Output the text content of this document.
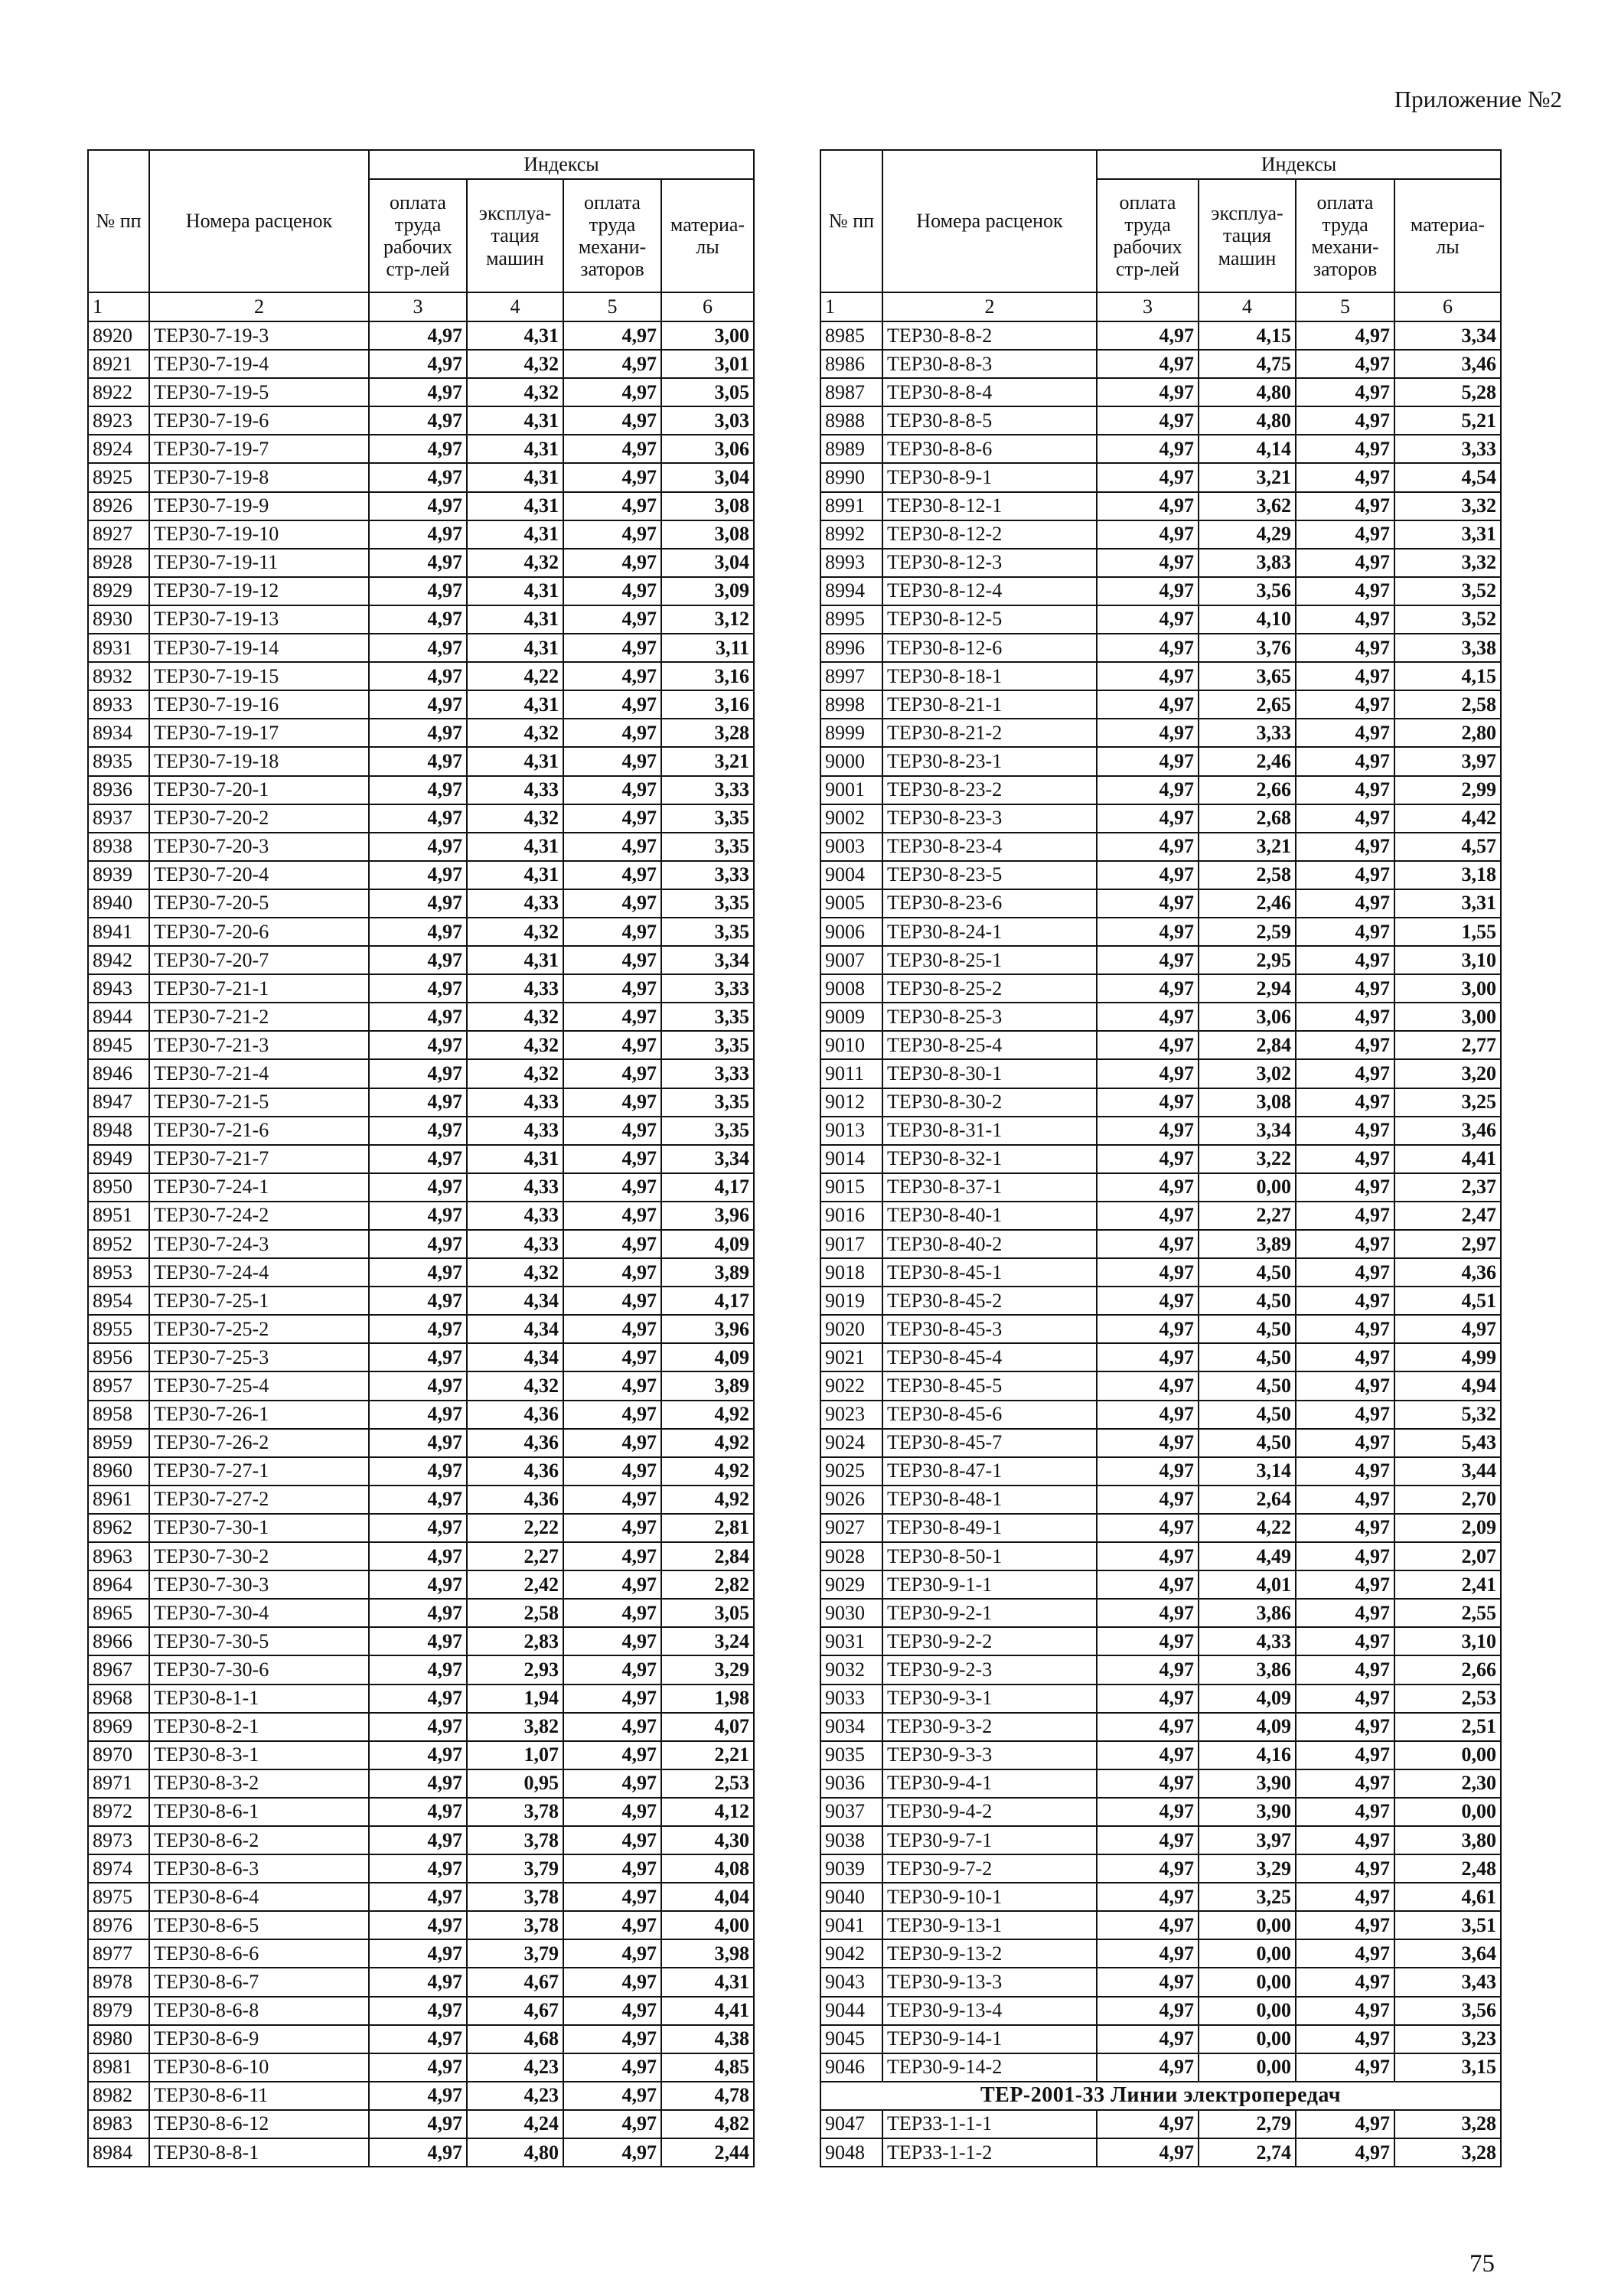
Приложение №2
№ пп	Номера расценок	Индексы			
		оплата труда рабочих стр-лей	эксплуа-тация машин	оплата труда механи-заторов	материа-лы
1	2	3	4	5	6
8920	ТЕР30-7-19-3	4,97	4,31	4,97	3,00
8921	ТЕР30-7-19-4	4,97	4,32	4,97	3,01
8922	ТЕР30-7-19-5	4,97	4,32	4,97	3,05
8923	ТЕР30-7-19-6	4,97	4,31	4,97	3,03
8924	ТЕР30-7-19-7	4,97	4,31	4,97	3,06
8925	ТЕР30-7-19-8	4,97	4,31	4,97	3,04
8926	ТЕР30-7-19-9	4,97	4,31	4,97	3,08
8927	ТЕР30-7-19-10	4,97	4,31	4,97	3,08
8928	ТЕР30-7-19-11	4,97	4,32	4,97	3,04
8929	ТЕР30-7-19-12	4,97	4,31	4,97	3,09
8930	ТЕР30-7-19-13	4,97	4,31	4,97	3,12
8931	ТЕР30-7-19-14	4,97	4,31	4,97	3,11
8932	ТЕР30-7-19-15	4,97	4,22	4,97	3,16
8933	ТЕР30-7-19-16	4,97	4,31	4,97	3,16
8934	ТЕР30-7-19-17	4,97	4,32	4,97	3,28
8935	ТЕР30-7-19-18	4,97	4,31	4,97	3,21
8936	ТЕР30-7-20-1	4,97	4,33	4,97	3,33
8937	ТЕР30-7-20-2	4,97	4,32	4,97	3,35
8938	ТЕР30-7-20-3	4,97	4,31	4,97	3,35
8939	ТЕР30-7-20-4	4,97	4,31	4,97	3,33
8940	ТЕР30-7-20-5	4,97	4,33	4,97	3,35
8941	ТЕР30-7-20-6	4,97	4,32	4,97	3,35
8942	ТЕР30-7-20-7	4,97	4,31	4,97	3,34
8943	ТЕР30-7-21-1	4,97	4,33	4,97	3,33
8944	ТЕР30-7-21-2	4,97	4,32	4,97	3,35
8945	ТЕР30-7-21-3	4,97	4,32	4,97	3,35
8946	ТЕР30-7-21-4	4,97	4,32	4,97	3,33
8947	ТЕР30-7-21-5	4,97	4,33	4,97	3,35
8948	ТЕР30-7-21-6	4,97	4,33	4,97	3,35
8949	ТЕР30-7-21-7	4,97	4,31	4,97	3,34
8950	ТЕР30-7-24-1	4,97	4,33	4,97	4,17
8951	ТЕР30-7-24-2	4,97	4,33	4,97	3,96
8952	ТЕР30-7-24-3	4,97	4,33	4,97	4,09
8953	ТЕР30-7-24-4	4,97	4,32	4,97	3,89
8954	ТЕР30-7-25-1	4,97	4,34	4,97	4,17
8955	ТЕР30-7-25-2	4,97	4,34	4,97	3,96
8956	ТЕР30-7-25-3	4,97	4,34	4,97	4,09
8957	ТЕР30-7-25-4	4,97	4,32	4,97	3,89
8958	ТЕР30-7-26-1	4,97	4,36	4,97	4,92
8959	ТЕР30-7-26-2	4,97	4,36	4,97	4,92
8960	ТЕР30-7-27-1	4,97	4,36	4,97	4,92
8961	ТЕР30-7-27-2	4,97	4,36	4,97	4,92
8962	ТЕР30-7-30-1	4,97	2,22	4,97	2,81
8963	ТЕР30-7-30-2	4,97	2,27	4,97	2,84
8964	ТЕР30-7-30-3	4,97	2,42	4,97	2,82
8965	ТЕР30-7-30-4	4,97	2,58	4,97	3,05
8966	ТЕР30-7-30-5	4,97	2,83	4,97	3,24
8967	ТЕР30-7-30-6	4,97	2,93	4,97	3,29
8968	ТЕР30-8-1-1	4,97	1,94	4,97	1,98
8969	ТЕР30-8-2-1	4,97	3,82	4,97	4,07
8970	ТЕР30-8-3-1	4,97	1,07	4,97	2,21
8971	ТЕР30-8-3-2	4,97	0,95	4,97	2,53
8972	ТЕР30-8-6-1	4,97	3,78	4,97	4,12
8973	ТЕР30-8-6-2	4,97	3,78	4,97	4,30
8974	ТЕР30-8-6-3	4,97	3,79	4,97	4,08
8975	ТЕР30-8-6-4	4,97	3,78	4,97	4,04
8976	ТЕР30-8-6-5	4,97	3,78	4,97	4,00
8977	ТЕР30-8-6-6	4,97	3,79	4,97	3,98
8978	ТЕР30-8-6-7	4,97	4,67	4,97	4,31
8979	ТЕР30-8-6-8	4,97	4,67	4,97	4,41
8980	ТЕР30-8-6-9	4,97	4,68	4,97	4,38
8981	ТЕР30-8-6-10	4,97	4,23	4,97	4,85
8982	ТЕР30-8-6-11	4,97	4,23	4,97	4,78
8983	ТЕР30-8-6-12	4,97	4,24	4,97	4,82
8984	ТЕР30-8-8-1	4,97	4,80	4,97	2,44
№ пп	Номера расценок	Индексы			
		оплата труда рабочих стр-лей	эксплуа-тация машин	оплата труда механи-заторов	материа-лы
1	2	3	4	5	6
8985	ТЕР30-8-8-2	4,97	4,15	4,97	3,34
8986	ТЕР30-8-8-3	4,97	4,75	4,97	3,46
8987	ТЕР30-8-8-4	4,97	4,80	4,97	5,28
8988	ТЕР30-8-8-5	4,97	4,80	4,97	5,21
8989	ТЕР30-8-8-6	4,97	4,14	4,97	3,33
8990	ТЕР30-8-9-1	4,97	3,21	4,97	4,54
8991	ТЕР30-8-12-1	4,97	3,62	4,97	3,32
8992	ТЕР30-8-12-2	4,97	4,29	4,97	3,31
8993	ТЕР30-8-12-3	4,97	3,83	4,97	3,32
8994	ТЕР30-8-12-4	4,97	3,56	4,97	3,52
8995	ТЕР30-8-12-5	4,97	4,10	4,97	3,52
8996	ТЕР30-8-12-6	4,97	3,76	4,97	3,38
8997	ТЕР30-8-18-1	4,97	3,65	4,97	4,15
8998	ТЕР30-8-21-1	4,97	2,65	4,97	2,58
8999	ТЕР30-8-21-2	4,97	3,33	4,97	2,80
9000	ТЕР30-8-23-1	4,97	2,46	4,97	3,97
9001	ТЕР30-8-23-2	4,97	2,66	4,97	2,99
9002	ТЕР30-8-23-3	4,97	2,68	4,97	4,42
9003	ТЕР30-8-23-4	4,97	3,21	4,97	4,57
9004	ТЕР30-8-23-5	4,97	2,58	4,97	3,18
9005	ТЕР30-8-23-6	4,97	2,46	4,97	3,31
9006	ТЕР30-8-24-1	4,97	2,59	4,97	1,55
9007	ТЕР30-8-25-1	4,97	2,95	4,97	3,10
9008	ТЕР30-8-25-2	4,97	2,94	4,97	3,00
9009	ТЕР30-8-25-3	4,97	3,06	4,97	3,00
9010	ТЕР30-8-25-4	4,97	2,84	4,97	2,77
9011	ТЕР30-8-30-1	4,97	3,02	4,97	3,20
9012	ТЕР30-8-30-2	4,97	3,08	4,97	3,25
9013	ТЕР30-8-31-1	4,97	3,34	4,97	3,46
9014	ТЕР30-8-32-1	4,97	3,22	4,97	4,41
9015	ТЕР30-8-37-1	4,97	0,00	4,97	2,37
9016	ТЕР30-8-40-1	4,97	2,27	4,97	2,47
9017	ТЕР30-8-40-2	4,97	3,89	4,97	2,97
9018	ТЕР30-8-45-1	4,97	4,50	4,97	4,36
9019	ТЕР30-8-45-2	4,97	4,50	4,97	4,51
9020	ТЕР30-8-45-3	4,97	4,50	4,97	4,97
9021	ТЕР30-8-45-4	4,97	4,50	4,97	4,99
9022	ТЕР30-8-45-5	4,97	4,50	4,97	4,94
9023	ТЕР30-8-45-6	4,97	4,50	4,97	5,32
9024	ТЕР30-8-45-7	4,97	4,50	4,97	5,43
9025	ТЕР30-8-47-1	4,97	3,14	4,97	3,44
9026	ТЕР30-8-48-1	4,97	2,64	4,97	2,70
9027	ТЕР30-8-49-1	4,97	4,22	4,97	2,09
9028	ТЕР30-8-50-1	4,97	4,49	4,97	2,07
9029	ТЕР30-9-1-1	4,97	4,01	4,97	2,41
9030	ТЕР30-9-2-1	4,97	3,86	4,97	2,55
9031	ТЕР30-9-2-2	4,97	4,33	4,97	3,10
9032	ТЕР30-9-2-3	4,97	3,86	4,97	2,66
9033	ТЕР30-9-3-1	4,97	4,09	4,97	2,53
9034	ТЕР30-9-3-2	4,97	4,09	4,97	2,51
9035	ТЕР30-9-3-3	4,97	4,16	4,97	0,00
9036	ТЕР30-9-4-1	4,97	3,90	4,97	2,30
9037	ТЕР30-9-4-2	4,97	3,90	4,97	0,00
9038	ТЕР30-9-7-1	4,97	3,97	4,97	3,80
9039	ТЕР30-9-7-2	4,97	3,29	4,97	2,48
9040	ТЕР30-9-10-1	4,97	3,25	4,97	4,61
9041	ТЕР30-9-13-1	4,97	0,00	4,97	3,51
9042	ТЕР30-9-13-2	4,97	0,00	4,97	3,64
9043	ТЕР30-9-13-3	4,97	0,00	4,97	3,43
9044	ТЕР30-9-13-4	4,97	0,00	4,97	3,56
9045	ТЕР30-9-14-1	4,97	0,00	4,97	3,23
9046	ТЕР30-9-14-2	4,97	0,00	4,97	3,15
ТЕР-2001-33 Линии электропередач					
9047	ТЕР33-1-1-1	4,97	2,79	4,97	3,28
9048	ТЕР33-1-1-2	4,97	2,74	4,97	3,28
75
